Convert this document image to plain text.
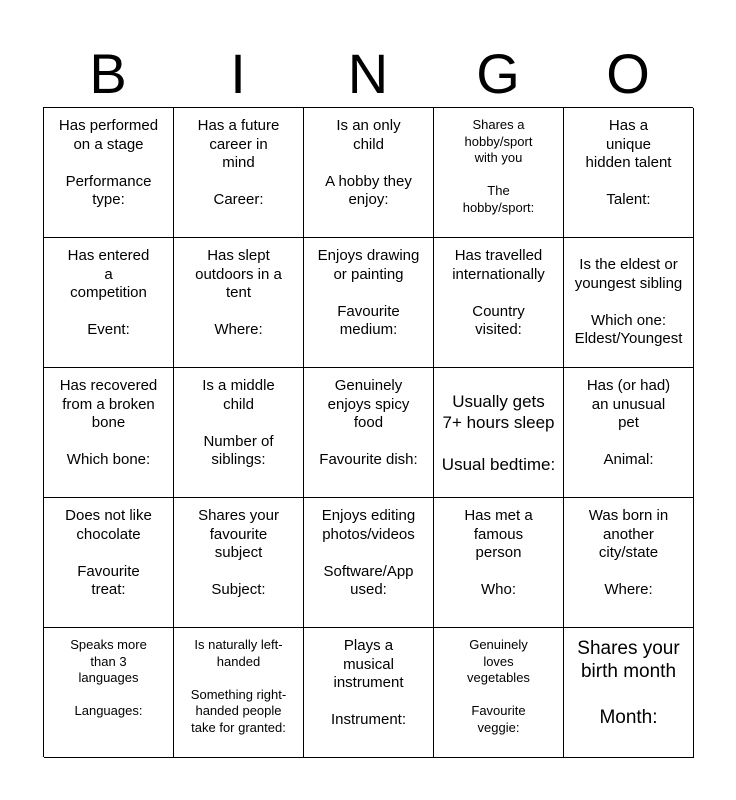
B	I	N	G	O
Has performed
on a stage

Performance
type:
Has a future
career in
mind

Career:
Is an only
child

A hobby they
enjoy:
Shares a
hobby/sport
with you

The
hobby/sport:
Has a
unique
hidden talent

Talent:
Has entered
a
competition

Event:
Has slept
outdoors in a
tent

Where:
Enjoys drawing
or painting

Favourite
medium:
Has travelled
internationally

Country
visited:
Is the eldest or
youngest sibling

Which one:
Eldest/Youngest
Has recovered
from a broken
bone

Which bone:
Is a middle
child

Number of
siblings:
Genuinely
enjoys spicy
food

Favourite dish:
Usually gets
7+ hours sleep

Usual bedtime:
Has (or had)
an unusual
pet

Animal:
Does not like
chocolate

Favourite
treat:
Shares your
favourite
subject

Subject:
Enjoys editing
photos/videos

Software/App
used:
Has met a
famous
person

Who:
Was born in
another
city/state

Where:
Speaks more
than 3
languages

Languages:
Is naturally left-
handed

Something right-
handed people
take for granted:
Plays a
musical
instrument

Instrument:
Genuinely
loves
vegetables

Favourite
veggie:
Shares your
birth month

Month:
